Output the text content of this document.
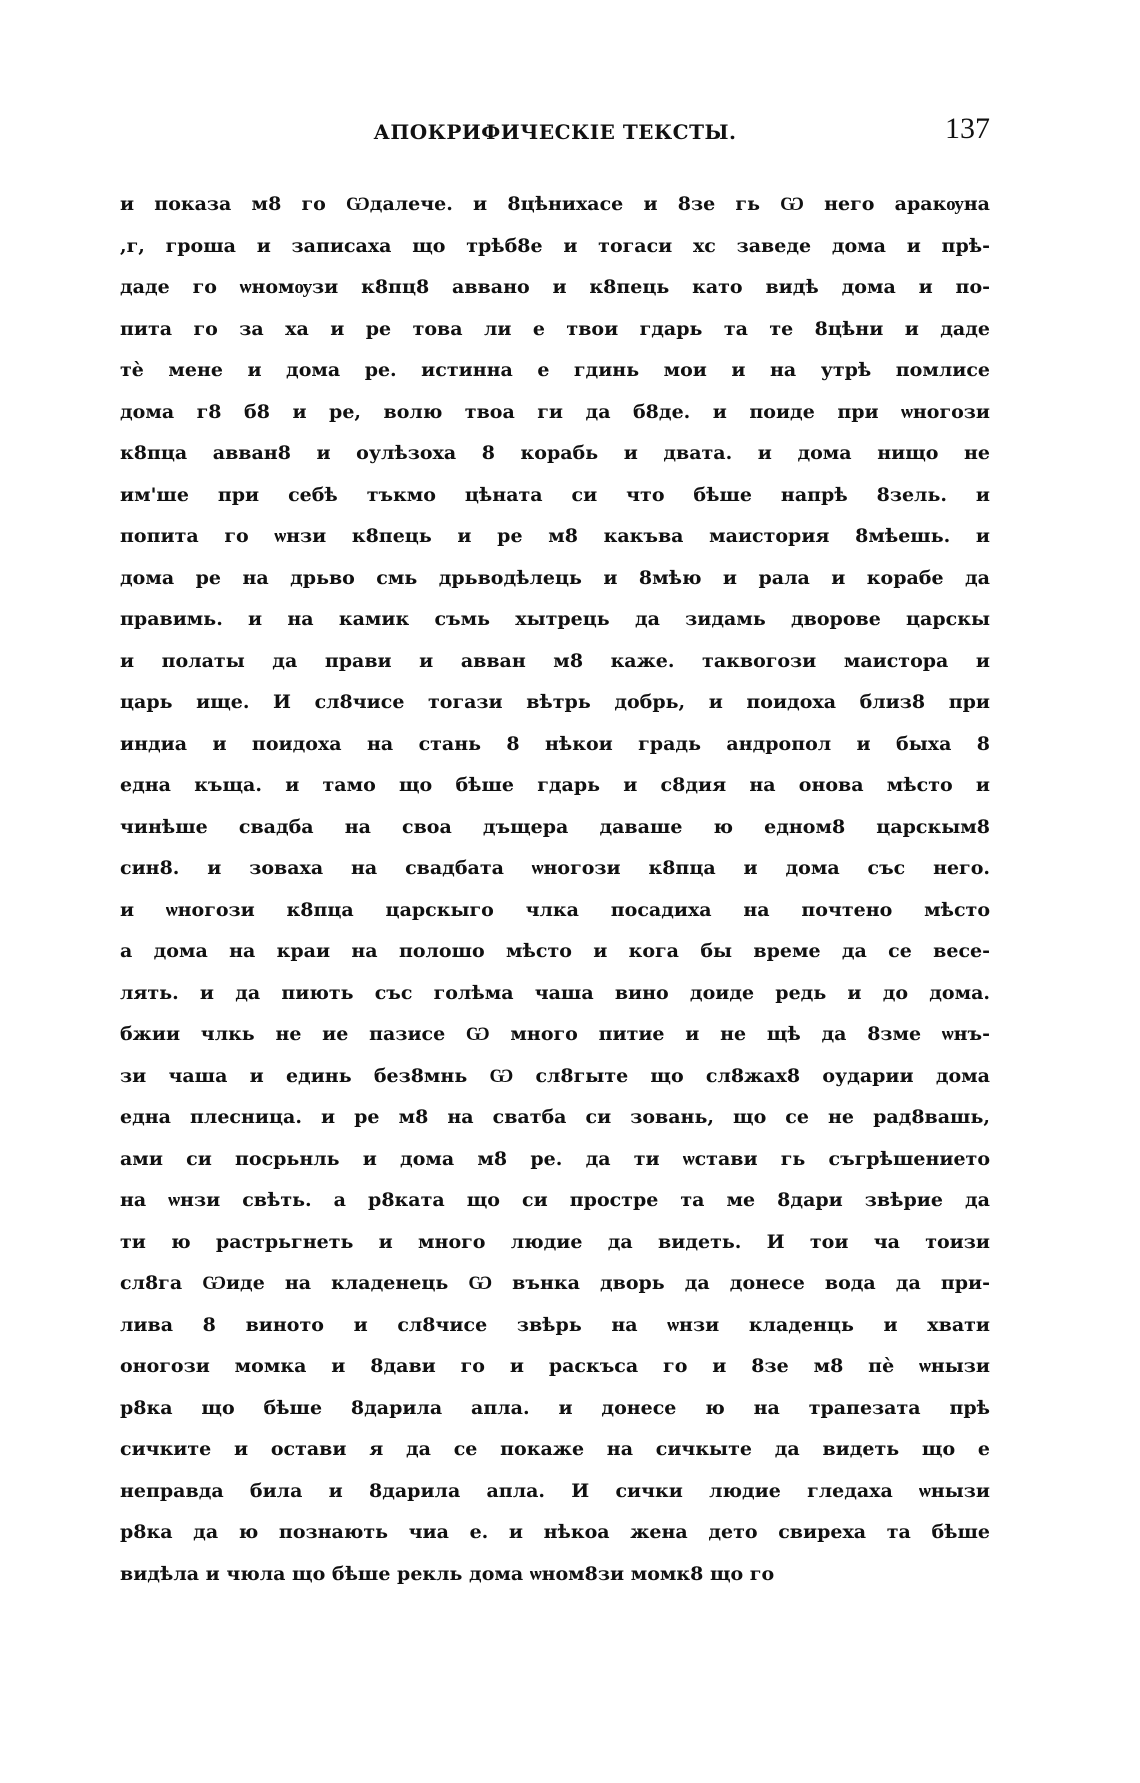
АПОКРИФИЧЕСКІЕ ТЕКСТЫ.	137
и показа м8 го Ѡдалече. и 8цѣнихасе и 8зе гь Ѡ него аракѹна
,г, гроша и записаха що трѣб8е и тогаси хс заведе дома и прѣ-
даде го ѡномѹзи к8пц8 аввано и к8пець като видѣ дома и по-
пита го за ха и ре това ли е твои гдарь та те 8цѣни и даде
тѐ мене и дома ре. истинна е гдинь мои и на утрѣ помлисе
дома г8 б8 и ре, волю твоа ги да б8де. и поиде при ѡногози
к8пца авван8 и оулѣзоха 8 корабь и двата. и дома нищо не
им'ше при себѣ тъкмо цѣната си что бѣше напрѣ 8зель. и
попита го ѡнзи к8пець и ре м8 какъва маистория 8мѣешь. и
дома ре на дрьво смь дрьводѣлець и 8мѣю и рала и корабе да
правимь. и на камик съмь хытрець да зидамь дворове царскы
и полаты да прави и авван м8 каже. таквогози маистора и
царь ище. И сл8чисе тогази вѣтрь добрь, и поидоха близ8 при
индиа и поидоха на стань 8 нѣкои градь андропол и быха 8
една къща. и тамо що бѣше гдарь и с8дия на онова мѣсто и
чинѣше свадба на своа дъщера даваше ю едном8 царскым8
син8. и зоваха на свадбата ѡногози к8пца и дома със него.
и ѡногози к8пца царскыго члка посадиха на почтено мѣсто
а дома на краи на полошо мѣсто и кога бы време да се весе-
лять. и да пиють със голѣма чаша вино доиде редь и до дома.
бжии члкь не ие пазисе Ѡ много питие и не щѣ да 8зме ѡнъ-
зи чаша и единь без8мнь Ѡ сл8гыте що сл8жах8 оударии дома
една плесница. и ре м8 на сватба си зовань, що се не рад8вашь,
ами си посрьнль и дома м8 ре. да ти ѡстави гь съгрѣшението
на ѡнзи свѣть. а р8ката що си простре та ме 8дари звѣрие да
ти ю растрьгнеть и много людие да видеть. И тои ча тоизи
сл8га Ѡиде на кладенець Ѡ вънка дворь да донесе вода да при-
лива 8 виното и сл8чисе звѣрь на ѡнзи кладенць и хвати
оногози момка и 8дави го и раскъса го и 8зе м8 пѐ ѡнызи
р8ка що бѣше 8дарила апла. и донесе ю на трапезата прѣ
сичките и остави я да се покаже на сичкыте да видеть що е
неправда била и 8дарила апла. И сички людие гледаха ѡнызи
р8ка да ю познають чиа е. и нѣкоа жена дето свиреха та бѣше
видѣла и чюла що бѣше рекль дома ѡном8зи момк8 що го
